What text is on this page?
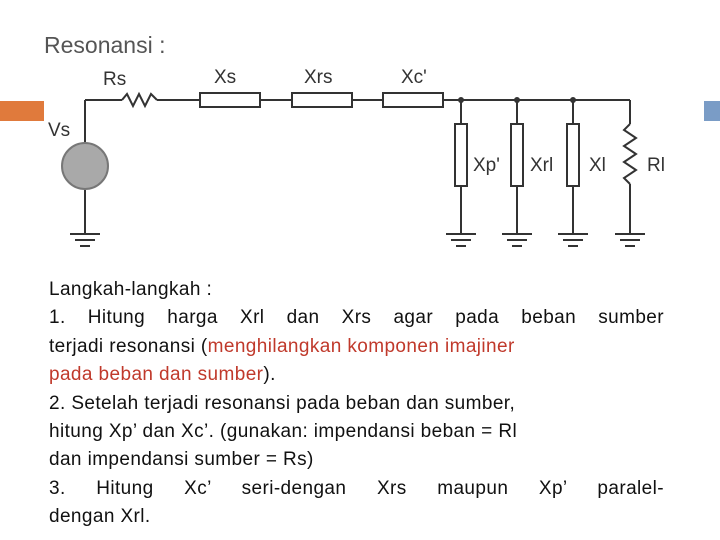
Resonansi :
Vs
Rs	Xs	Xrs	Xc'
Xp' Xrl Xl Rl
Langkah-langkah :
1. Hitung harga Xrl dan Xrs agar pada beban sumber
terjadi resonansi (menghilangkan komponen imajiner
pada beban dan sumber).
2. Setelah terjadi resonansi pada beban dan sumber,
hitung Xp’ dan Xc’. (gunakan: impendansi beban = Rl
dan impendansi sumber = Rs)
3. Hitung Xc’ seri-dengan Xrs maupun Xp’ paralel-
dengan Xrl.
